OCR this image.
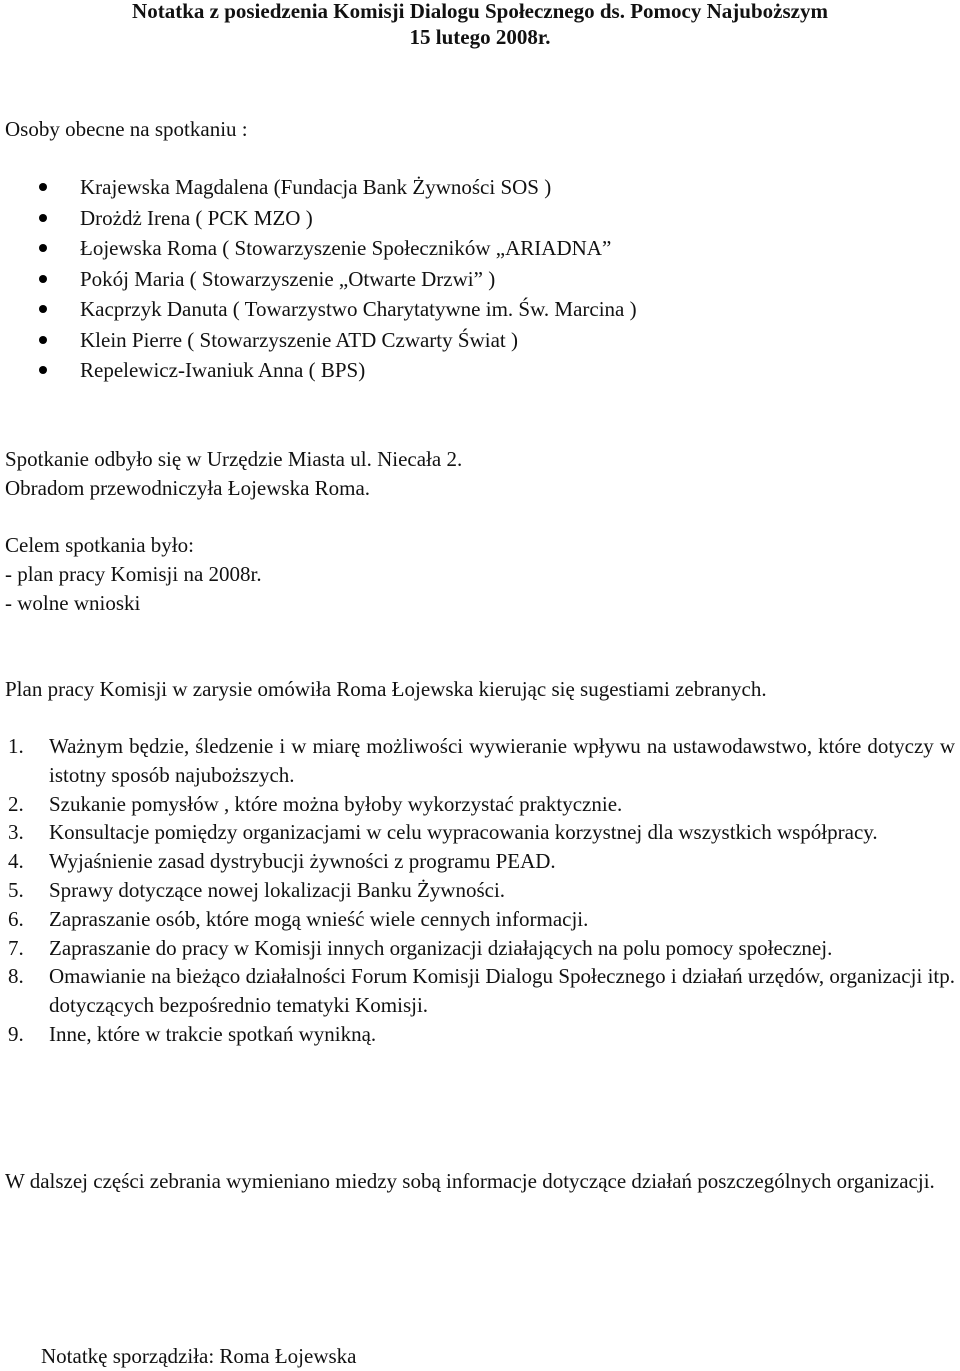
Notatka z posiedzenia Komisji Dialogu Społecznego ds. Pomocy Najuboższym

15 lutego 2008r.

Osoby obecne na spotkaniu :
Krajewska Magdalena (Fundacja Bank Żywności SOS )
Drożdż Irena ( PCK MZO )
Łojewska Roma ( Stowarzyszenie Społeczników „ARIADNA”
Pokój Maria ( Stowarzyszenie „Otwarte Drzwi” )
Kacprzyk Danuta ( Towarzystwo Charytatywne im. Św. Marcina )
Klein Pierre ( Stowarzyszenie ATD Czwarty Świat )
Repelewicz-Iwaniuk Anna ( BPS)
Spotkanie odbyło się w Urzędzie Miasta ul. Niecała 2.
Obradom przewodniczyła Łojewska Roma.
Celem spotkania było:
- plan pracy Komisji na 2008r.
- wolne wnioski
Plan pracy Komisji w zarysie omówiła Roma Łojewska kierując się sugestiami zebranych.
1. Ważnym będzie, śledzenie i w miarę możliwości wywieranie wpływu na ustawodawstwo, które dotyczy w istotny sposób najuboższych.
2. Szukanie pomysłów , które można byłoby wykorzystać praktycznie.
3. Konsultacje pomiędzy organizacjami w celu wypracowania korzystnej dla wszystkich współpracy.
4. Wyjaśnienie zasad dystrybucji żywności z programu PEAD.
5. Sprawy dotyczące nowej lokalizacji Banku Żywności.
6. Zapraszanie osób, które mogą wnieść wiele cennych informacji.
7. Zapraszanie do pracy w Komisji innych organizacji działających na polu pomocy społecznej.
8. Omawianie na bieżąco działalności Forum Komisji Dialogu Społecznego i działań urzędów, organizacji itp. dotyczących bezpośrednio tematyki Komisji.
9. Inne, które w trakcie spotkań wynikną.
W dalszej części zebrania wymieniano miedzy sobą informacje dotyczące działań poszczególnych organizacji.
Notatkę sporządziła: Roma Łojewska
